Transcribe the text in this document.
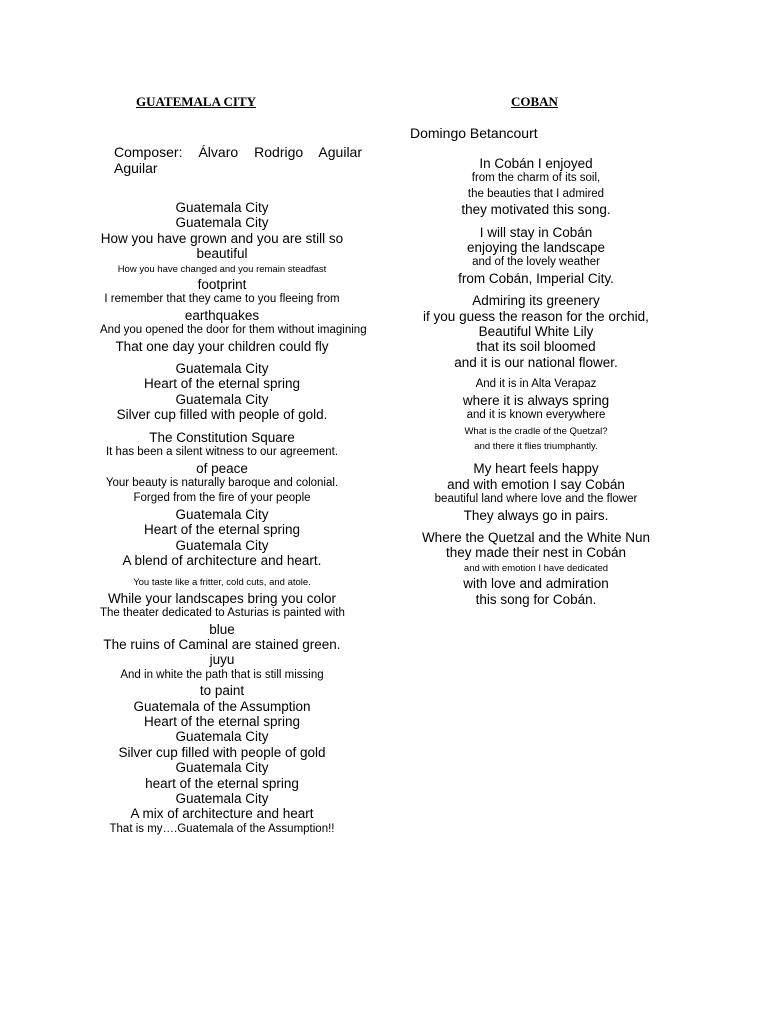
GUATEMALA CITY	COBAN
Composer: Álvaro Rodrigo Aguilar Aguilar
Domingo Betancourt
Guatemala City
Guatemala City
How you have grown and you are still so
beautiful
How you have changed and you remain steadfast
footprint
I remember that they came to you fleeing from
earthquakes
And you opened the door for them without imagining
That one day your children could fly
Guatemala City
Heart of the eternal spring
Guatemala City
Silver cup filled with people of gold.
The Constitution Square
It has been a silent witness to our agreement.
of peace
Your beauty is naturally baroque and colonial.
Forged from the fire of your people
Guatemala City
Heart of the eternal spring
Guatemala City
A blend of architecture and heart.
You taste like a fritter, cold cuts, and atole.
While your landscapes bring you color
The theater dedicated to Asturias is painted with
blue
The ruins of Caminal are stained green.
juyu
And in white the path that is still missing
to paint
Guatemala of the Assumption
Heart of the eternal spring
Guatemala City
Silver cup filled with people of gold
Guatemala City
heart of the eternal spring
Guatemala City
A mix of architecture and heart
That is my….Guatemala of the Assumption!!
In Cobán I enjoyed
from the charm of its soil,
the beauties that I admired
they motivated this song.
I will stay in Cobán
enjoying the landscape
and of the lovely weather
from Cobán, Imperial City.
Admiring its greenery
if you guess the reason for the orchid,
Beautiful White Lily
that its soil bloomed
and it is our national flower.
And it is in Alta Verapaz
where it is always spring
and it is known everywhere
What is the cradle of the Quetzal?
and there it flies triumphantly.
My heart feels happy
and with emotion I say Cobán
beautiful land where love and the flower
They always go in pairs.
Where the Quetzal and the White Nun
they made their nest in Cobán
and with emotion I have dedicated
with love and admiration
this song for Cobán.
